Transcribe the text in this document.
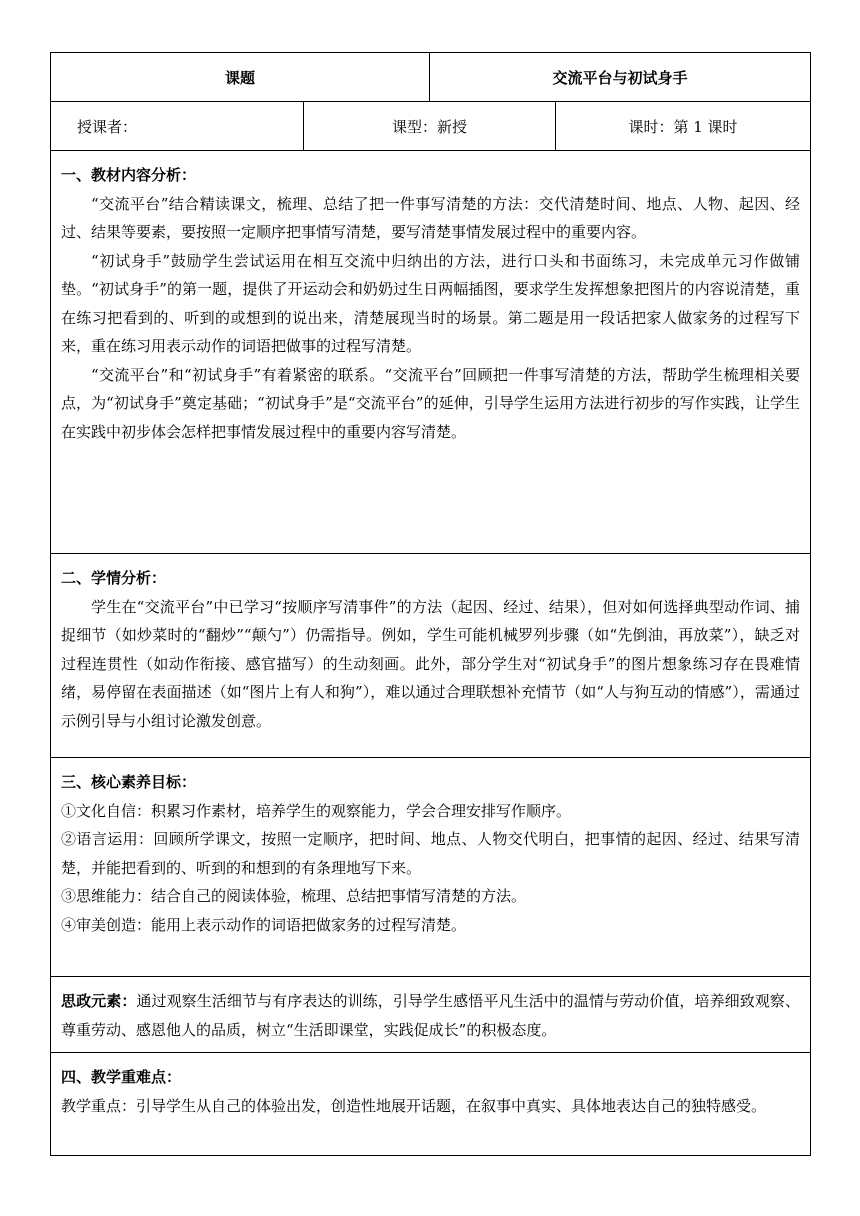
课题		交流平台与初试身手	
授课者：	课型：新授		课时：第 1 课时

一、教材内容分析：

“交流平台”结合精读课文，梳理、总结了把一件事写清楚的方法：交代清楚时间、地点、人物、起因、经过、结果等要素，要按照一定顺序把事情写清楚，要写清楚事情发展过程中的重要内容。

“初试身手”鼓励学生尝试运用在相互交流中归纳出的方法，进行口头和书面练习，未完成单元习作做铺垫。“初试身手”的第一题，提供了开运动会和奶奶过生日两幅插图，要求学生发挥想象把图片的内容说清楚，重在练习把看到的、听到的或想到的说出来，清楚展现当时的场景。第二题是用一段话把家人做家务的过程写下来，重在练习用表示动作的词语把做事的过程写清楚。

“交流平台”和“初试身手”有着紧密的联系。“交流平台”回顾把一件事写清楚的方法，帮助学生梳理相关要点，为“初试身手”奠定基础；“初试身手”是“交流平台”的延伸，引导学生运用方法进行初步的写作实践，让学生在实践中初步体会怎样把事情发展过程中的重要内容写清楚。			

二、学情分析：

学生在“交流平台”中已学习“按顺序写清事件”的方法（起因、经过、结果），但对如何选择典型动作词、捕捉细节（如炒菜时的“翻炒”“颠勺”）仍需指导。例如，学生可能机械罗列步骤（如“先倒油，再放菜”），缺乏对过程连贯性（如动作衔接、感官描写）的生动刻画。此外，部分学生对“初试身手”的图片想象练习存在畏难情绪，易停留在表面描述（如“图片上有人和狗”），难以通过合理联想补充情节（如“人与狗互动的情感”），需通过示例引导与小组讨论激发创意。			

三、核心素养目标：

①文化自信：积累习作素材，培养学生的观察能力，学会合理安排写作顺序。

②语言运用：回顾所学课文，按照一定顺序，把时间、地点、人物交代明白，把事情的起因、经过、结果写清楚，并能把看到的、听到的和想到的有条理地写下来。

③思维能力：结合自己的阅读体验，梳理、总结把事情写清楚的方法。

④审美创造：能用上表示动作的词语把做家务的过程写清楚。			

思政元素：通过观察生活细节与有序表达的训练，引导学生感悟平凡生活中的温情与劳动价值，培养细致观察、尊重劳动、感恩他人的品质，树立“生活即课堂，实践促成长”的积极态度。			

四、教学重难点：

教学重点：引导学生从自己的体验出发，创造性地展开话题，在叙事中真实、具体地表达自己的独特感受。			
